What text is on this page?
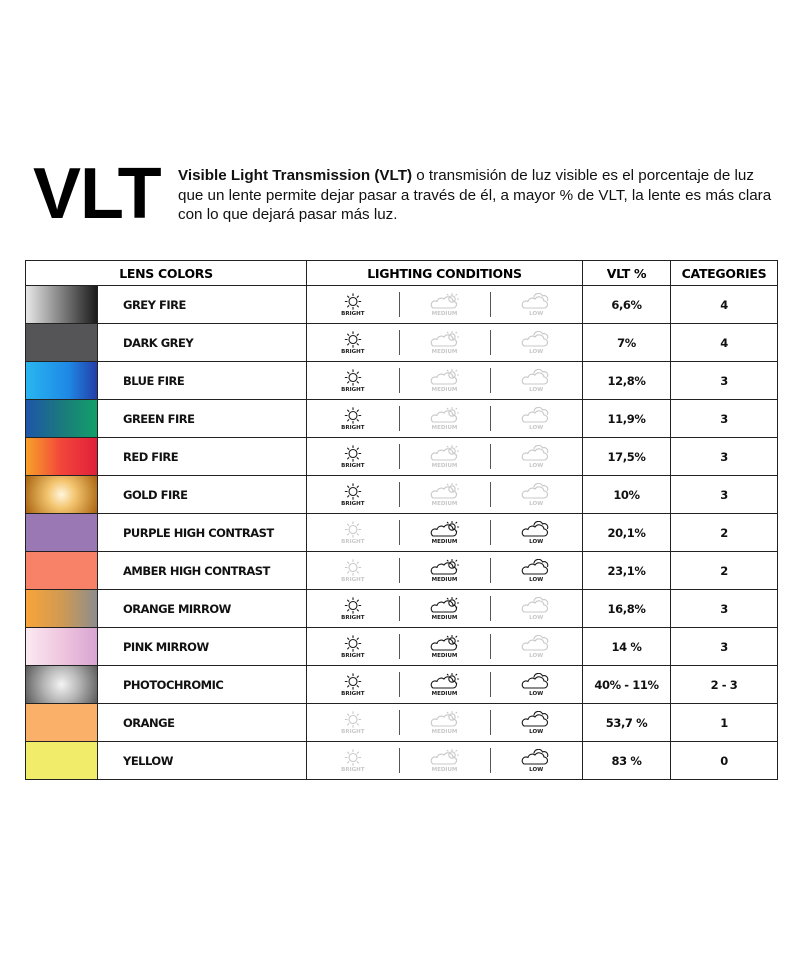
VLT Visible Light Transmission (VLT) o transmisión de luz visible es el porcentaje de luz que un lente permite dejar pasar a través de él, a mayor % de VLT, la lente es más clara con lo que dejará pasar más luz.
LENS COLORS		LIGHTING CONDITIONS	VLT %	CATEGORIES

	GREY FIRE	BRIGHT MEDIUM LOW	6,6%	4

	DARK GREY	BRIGHT MEDIUM LOW	7%	4

	BLUE FIRE	BRIGHT MEDIUM LOW	12,8%	3

	GREEN FIRE	BRIGHT MEDIUM LOW	11,9%	3

	RED FIRE	BRIGHT MEDIUM LOW	17,5%	3

	GOLD FIRE	BRIGHT MEDIUM LOW	10%	3

	PURPLE HIGH CONTRAST	BRIGHT MEDIUM LOW	20,1%	2

	AMBER HIGH CONTRAST	BRIGHT MEDIUM LOW	23,1%	2

	ORANGE MIRROW	BRIGHT MEDIUM LOW	16,8%	3

	PINK MIRROW	BRIGHT MEDIUM LOW	14 %	3

	PHOTOCHROMIC	BRIGHT MEDIUM LOW	40% - 11%	2 - 3

	ORANGE	BRIGHT MEDIUM LOW	53,7 %	1

	YELLOW	BRIGHT MEDIUM LOW	83 %	0
